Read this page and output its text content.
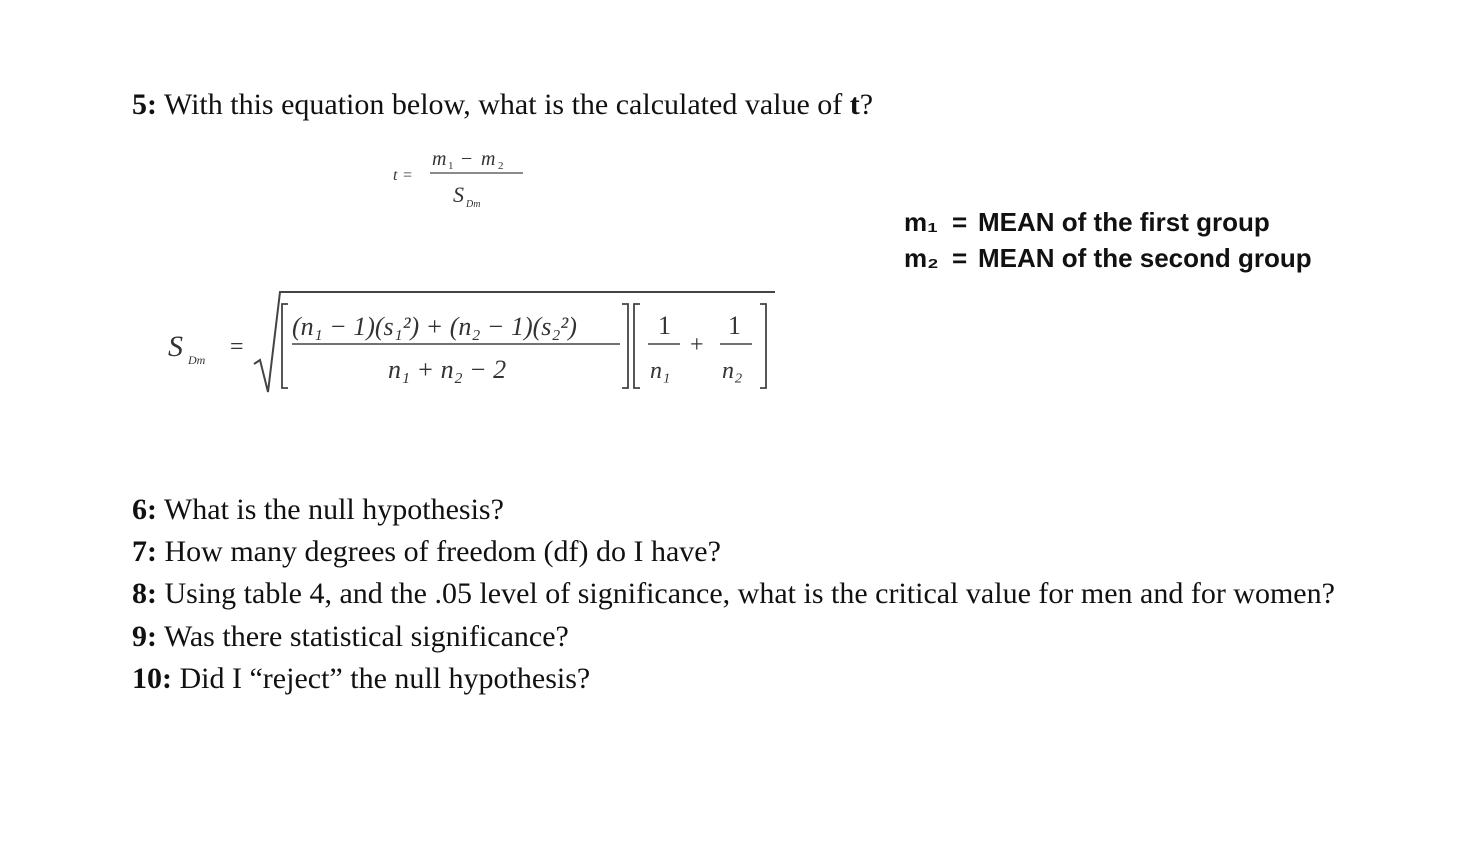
5: With this equation below, what is the calculated value of t?
t =
m 1 − m 2
S Dm
S Dm =
(n₁ − 1)(s₁²) + (n₂ − 1)(s₂²)
n₁ + n₂ − 2
1
n₁
+
1
n₂
m₁ = MEAN of the first group
m₂ = MEAN of the second group
6: What is the null hypothesis?
7: How many degrees of freedom (df) do I have?
8: Using table 4, and the .05 level of significance, what is the critical value for men and for women?
9: Was there statistical significance?
10: Did I “reject” the null hypothesis?
